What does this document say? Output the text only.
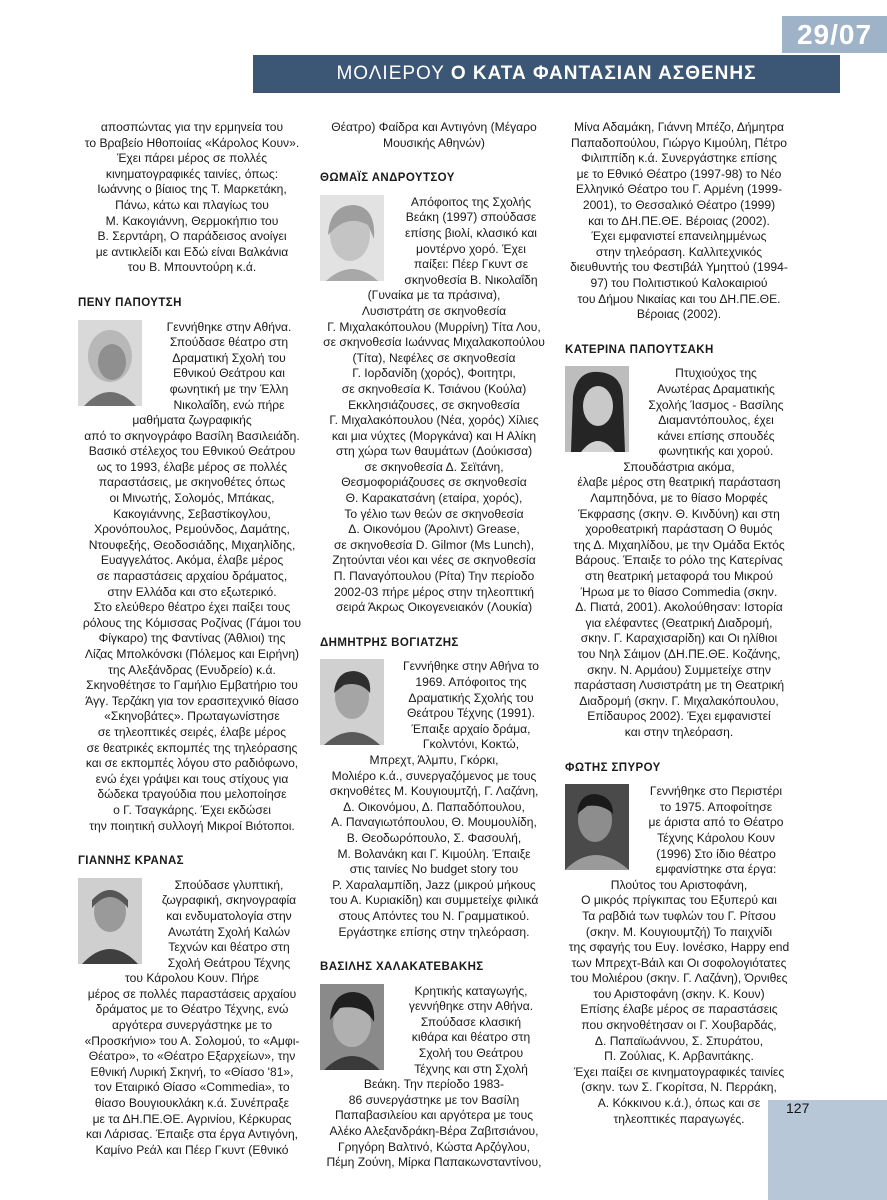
29/07
ΜΟΛΙΕΡΟΥ Ο ΚΑΤΑ ΦΑΝΤΑΣΙΑΝ ΑΣΘΕΝΗΣ

αποσπώντας για την ερμηνεία του

το Βραβείο Ηθοποιίας «Κάρολος Κουν».

Έχει πάρει μέρος σε πολλές

κινηματογραφικές ταινίες, όπως:

Ιωάννης ο βίαιος της Τ. Μαρκετάκη,

Πάνω, κάτω και πλαγίως του

Μ. Κακογιάννη, Θερμοκήπιο του

Β. Σερντάρη, Ο παράδεισος ανοίγει

με αντικλείδι και Εδώ είναι Βαλκάνια

του Β. Μπουντούρη κ.ά.

ΠΕΝΥ ΠΑΠΟΥΤΣΗ

Γεννήθηκε στην Αθήνα.

Σπούδασε θέατρο στη

Δραματική Σχολή του

Εθνικού Θεάτρου και

φωνητική με την Έλλη

Νικολαΐδη, ενώ πήρε

μαθήματα ζωγραφικής

από το σκηνογράφο Βασίλη Βασιλειάδη.

Βασικό στέλεχος του Εθνικού Θεάτρου

ως το 1993, έλαβε μέρος σε πολλές

παραστάσεις, με σκηνοθέτες όπως

οι Μινωτής, Σολομός, Μπάκας,

Κακογιάννης, Σεβαστίκογλου,

Χρονόπουλος, Ρεμούνδος, Δαμάτης,

Ντουφεξής, Θεοδοσιάδης, Μιχαηλίδης,

Ευαγγελάτος. Ακόμα, έλαβε μέρος

σε παραστάσεις αρχαίου δράματος,

στην Ελλάδα και στο εξωτερικό.

Στο ελεύθερο θέατρο έχει παίξει τους

ρόλους της Κόμισσας Ροζίνας (Γάμοι του

Φίγκαρο) της Φαντίνας (Άθλιοι) της

Λίζας Μπολκόνσκι (Πόλεμος και Ειρήνη)

της Αλεξάνδρας (Ενυδρείο) κ.ά.

Σκηνοθέτησε το Γαμήλιο Εμβατήριο του

Άγγ. Τερζάκη για τον ερασιτεχνικό θίασο

«Σκηνοβάτες». Πρωταγωνίστησε

σε τηλεοπτικές σειρές, έλαβε μέρος

σε θεατρικές εκπομπές της τηλεόρασης

και σε εκπομπές λόγου στο ραδιόφωνο,

ενώ έχει γράψει και τους στίχους για

δώδεκα τραγούδια που μελοποίησε

ο Γ. Τσαγκάρης. Έχει εκδώσει

την ποιητική συλλογή Μικροί Βιότοποι.

ΓΙΑΝΝΗΣ ΚΡΑΝΑΣ

Σπούδασε γλυπτική,

ζωγραφική, σκηνογραφία

και ενδυματολογία στην

Ανωτάτη Σχολή Καλών

Τεχνών και θέατρο στη

Σχολή Θεάτρου Τέχνης

του Κάρολου Κουν. Πήρε

μέρος σε πολλές παραστάσεις αρχαίου

δράματος με το Θέατρο Τέχνης, ενώ

αργότερα συνεργάστηκε με το

«Προσκήνιο» του Α. Σολομού, το «Αμφι-

Θέατρο», το «Θέατρο Εξαρχείων», την

Εθνική Λυρική Σκηνή, το «Θίασο '81»,

τον Εταιρικό Θίασο «Commedia», το

θίασο Βουγιουκλάκη κ.ά. Συνέπραξε

με τα ΔΗ.ΠΕ.ΘΕ. Αγρινίου, Κέρκυρας

και Λάρισας. Έπαιξε στα έργα Αντιγόνη,

Καμίνο Ρεάλ και Πέερ Γκυντ (Εθνικό

Θέατρο) Φαίδρα και Αντιγόνη (Μέγαρο

Μουσικής Αθηνών)

ΘΩΜΑΪΣ ΑΝΔΡΟΥΤΣΟΥ

Απόφοιτος της Σχολής

Βεάκη (1997) σπούδασε

επίσης βιολί, κλασικό και

μοντέρνο χορό. Έχει

παίξει: Πέερ Γκυντ σε

σκηνοθεσία Β. Νικολαΐδη

(Γυναίκα με τα πράσινα),

Λυσιστράτη σε σκηνοθεσία

Γ. Μιχαλακόπουλου (Μυρρίνη) Τίτα Λου,

σε σκηνοθεσία Ιωάννας Μιχαλακοπούλου

(Τίτα), Νεφέλες σε σκηνοθεσία

Γ. Ιορδανίδη (χορός), Φοιτητρι,

σε σκηνοθεσία Κ. Τσιάνου (Κούλα)

Εκκλησιάζουσες, σε σκηνοθεσία

Γ. Μιχαλακόπουλου (Νέα, χορός) Χίλιες

και μια νύχτες (Μοργκάνα) και Η Αλίκη

στη χώρα των θαυμάτων (Δούκισσα)

σε σκηνοθεσία Δ. Σεϊτάνη,

Θεσμοφοριάζουσες σε σκηνοθεσία

Θ. Καρακατσάνη (εταίρα, χορός),

Το γέλιο των θεών σε σκηνοθεσία

Δ. Οικονόμου (Άρολιντ) Grease,

σε σκηνοθεσία D. Gilmor (Ms Lunch),

Ζητούνται νέοι και νέες σε σκηνοθεσία

Π. Παναγόπουλου (Ρίτα) Την περίοδο

2002-03 πήρε μέρος στην τηλεοπτική

σειρά Άκρως Οικογενειακόν (Λουκία)

ΔΗΜΗΤΡΗΣ ΒΟΓΙΑΤΖΗΣ

Γεννήθηκε στην Αθήνα το

1969. Απόφοιτος της

Δραματικής Σχολής του

Θεάτρου Τέχνης (1991).

Έπαιξε αρχαίο δράμα,

Γκολντόνι, Κοκτώ,

Μπρεχτ, Άλμπυ, Γκόρκι,

Μολιέρο κ.ά., συνεργαζόμενος με τους

σκηνοθέτες Μ. Κουγιουμτζή, Γ. Λαζάνη,

Δ. Οικονόμου, Δ. Παπαδόπουλου,

Α. Παναγιωτόπουλου, Θ. Μουμουλίδη,

Β. Θεοδωρόπουλο, Σ. Φασουλή,

Μ. Βολανάκη και Γ. Κιμούλη. Έπαιξε

στις ταινίες No budget story του

Ρ. Χαραλαμπίδη, Jazz (μικρού μήκους

του Α. Κυριακίδη) και συμμετείχε φιλικά

στους Απόντες του Ν. Γραμματικού.

Εργάστηκε επίσης στην τηλεόραση.

ΒΑΣΙΛΗΣ ΧΑΛΑΚΑΤΕΒΑΚΗΣ

Κρητικής καταγωγής,

γεννήθηκε στην Αθήνα.

Σπούδασε κλασική

κιθάρα και θέατρο στη

Σχολή του Θεάτρου

Τέχνης και στη Σχολή

Βεάκη. Την περίοδο 1983-

86 συνεργάστηκε με τον Βασίλη

Παπαβασιλείου και αργότερα με τους

Αλέκο Αλεξανδράκη-Βέρα Ζαβιτσιάνου,

Γρηγόρη Βαλτινό, Κώστα Αρζόγλου,

Πέμη Ζούνη, Μίρκα Παπακωνσταντίνου,

Μίνα Αδαμάκη, Γιάννη Μπέζο, Δήμητρα

Παπαδοπούλου, Γιώργο Κιμούλη, Πέτρο

Φιλιππίδη κ.ά. Συνεργάστηκε επίσης

με το Εθνικό Θέατρο (1997-98) το Νέο

Ελληνικό Θέατρο του Γ. Αρμένη (1999-

2001), το Θεσσαλικό Θέατρο (1999)

και το ΔΗ.ΠΕ.ΘΕ. Βέροιας (2002).

Έχει εμφανιστεί επανειλημμένως

στην τηλεόραση. Καλλιτεχνικός

διευθυντής του Φεστιβάλ Υμηττού (1994-

97) του Πολιτιστικού Καλοκαιριού

του Δήμου Νικαίας και του ΔΗ.ΠΕ.ΘΕ.

Βέροιας (2002).

ΚΑΤΕΡΙΝΑ ΠΑΠΟΥΤΣΑΚΗ

Πτυχιούχος της

Ανωτέρας Δραματικής

Σχολής Ίασμος - Βασίλης

Διαμαντόπουλος, έχει

κάνει επίσης σπουδές

φωνητικής και χορού.

Σπουδάστρια ακόμα,

έλαβε μέρος στη θεατρική παράσταση

Λαμπηδόνα, με το θίασο Μορφές

Έκφρασης (σκην. Θ. Κινδύνη) και στη

χοροθεατρική παράσταση Ο θυμός

της Δ. Μιχαηλίδου, με την Ομάδα Εκτός

Βάρους. Έπαιξε το ρόλο της Κατερίνας

στη θεατρική μεταφορά του Μικρού

Ήρωα με το θίασο Commedia (σκην.

Δ. Πιατά, 2001). Ακολούθησαν: Ιστορία

για ελέφαντες (Θεατρική Διαδρομή,

σκην. Γ. Καραχισαρίδη) και Οι ηλίθιοι

του Νηλ Σάιμον (ΔΗ.ΠΕ.ΘΕ. Κοζάνης,

σκην. Ν. Αρμάου) Συμμετείχε στην

παράσταση Λυσιστράτη με τη Θεατρική

Διαδρομή (σκην. Γ. Μιχαλακόπουλου,

Επίδαυρος 2002). Έχει εμφανιστεί

και στην τηλεόραση.

ΦΩΤΗΣ ΣΠΥΡΟΥ

Γεννήθηκε στο Περιστέρι

το 1975. Αποφοίτησε

με άριστα από το Θέατρο

Τέχνης Κάρολου Κουν

(1996) Στο ίδιο θέατρο

εμφανίστηκε στα έργα:

Πλούτος του Αριστοφάνη,

Ο μικρός πρίγκιπας του Εξυπερύ και

Τα ραβδιά των τυφλών του Γ. Ρίτσου

(σκην. Μ. Κουγιουμτζή) Το παιχνίδι

της σφαγής του Ευγ. Ιονέσκο, Happy end

των Μπρεχτ-Βάιλ και Οι σοφολογιότατες

του Μολιέρου (σκην. Γ. Λαζάνη), Όρνιθες

του Αριστοφάνη (σκην. Κ. Κουν)

Επίσης έλαβε μέρος σε παραστάσεις

που σκηνοθέτησαν οι Γ. Χουβαρδάς,

Δ. Παπαϊωάννου, Σ. Σπυράτου,

Π. Ζούλιας, Κ. Αρβανιτάκης.

Έχει παίξει σε κινηματογραφικές ταινίες

(σκην. των Σ. Γκορίτσα, Ν. Περράκη,

Α. Κόκκινου κ.ά.), όπως και σε

τηλεοπτικές παραγωγές.

127
